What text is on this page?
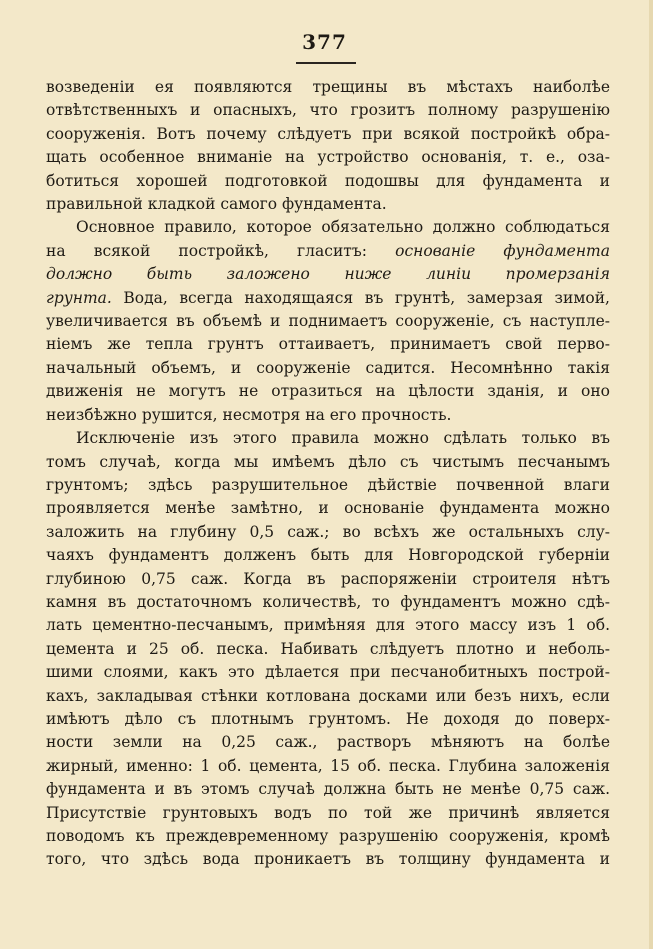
377

возведеніи ея появляются трещины въ мѣстахъ наиболѣе
отвѣтственныхъ и опасныхъ, что грозитъ полному разрушенію
сооруженія. Вотъ почему слѣдуетъ при всякой постройкѣ обра-
щать особенное вниманіе на устройство основанія, т. е., оза-
ботиться хорошей подготовкой подошвы для фундамента и
правильной кладкой самого фундамента.

Основное правило, которое обязательно должно соблюдаться
на всякой постройкѣ, гласитъ: основаніе фундамента
должно быть заложено ниже линіи промерзанія
грунта. Вода, всегда находящаяся въ грунтѣ, замерзая зимой,
увеличивается въ объемѣ и поднимаетъ сооруженіе, съ наступле-
ніемъ же тепла грунтъ оттаиваетъ, принимаетъ свой перво-
начальный объемъ, и сооруженіе садится. Несомнѣнно такія
движенія не могутъ не отразиться на цѣлости зданія, и оно
неизбѣжно рушится, несмотря на его прочность.

Исключеніе изъ этого правила можно сдѣлать только въ
томъ случаѣ, когда мы имѣемъ дѣло съ чистымъ песчанымъ
грунтомъ; здѣсь разрушительное дѣйствіе почвенной влаги
проявляется менѣе замѣтно, и основаніе фундамента можно
заложить на глубину 0,5 саж.; во всѣхъ же остальныхъ слу-
чаяхъ фундаментъ долженъ быть для Новгородской губерніи
глубиною 0,75 саж. Когда въ распоряженіи строителя нѣтъ
камня въ достаточномъ количествѣ, то фундаментъ можно сдѣ-
лать цементно-песчанымъ, примѣняя для этого массу изъ 1 об.
цемента и 25 об. песка. Набивать слѣдуетъ плотно и неболь-
шими слоями, какъ это дѣлается при песчанобитныхъ построй-
кахъ, закладывая стѣнки котлована досками или безъ нихъ, если
имѣютъ дѣло съ плотнымъ грунтомъ. Не доходя до поверх-
ности земли на 0,25 саж., растворъ мѣняютъ на болѣе
жирный, именно: 1 об. цемента, 15 об. песка. Глубина заложенія
фундамента и въ этомъ случаѣ должна быть не менѣе 0,75 саж.
Присутствіе грунтовыхъ водъ по той же причинѣ является
поводомъ къ преждевременному разрушенію сооруженія, кромѣ
того, что здѣсь вода проникаетъ въ толщину фундамента и
